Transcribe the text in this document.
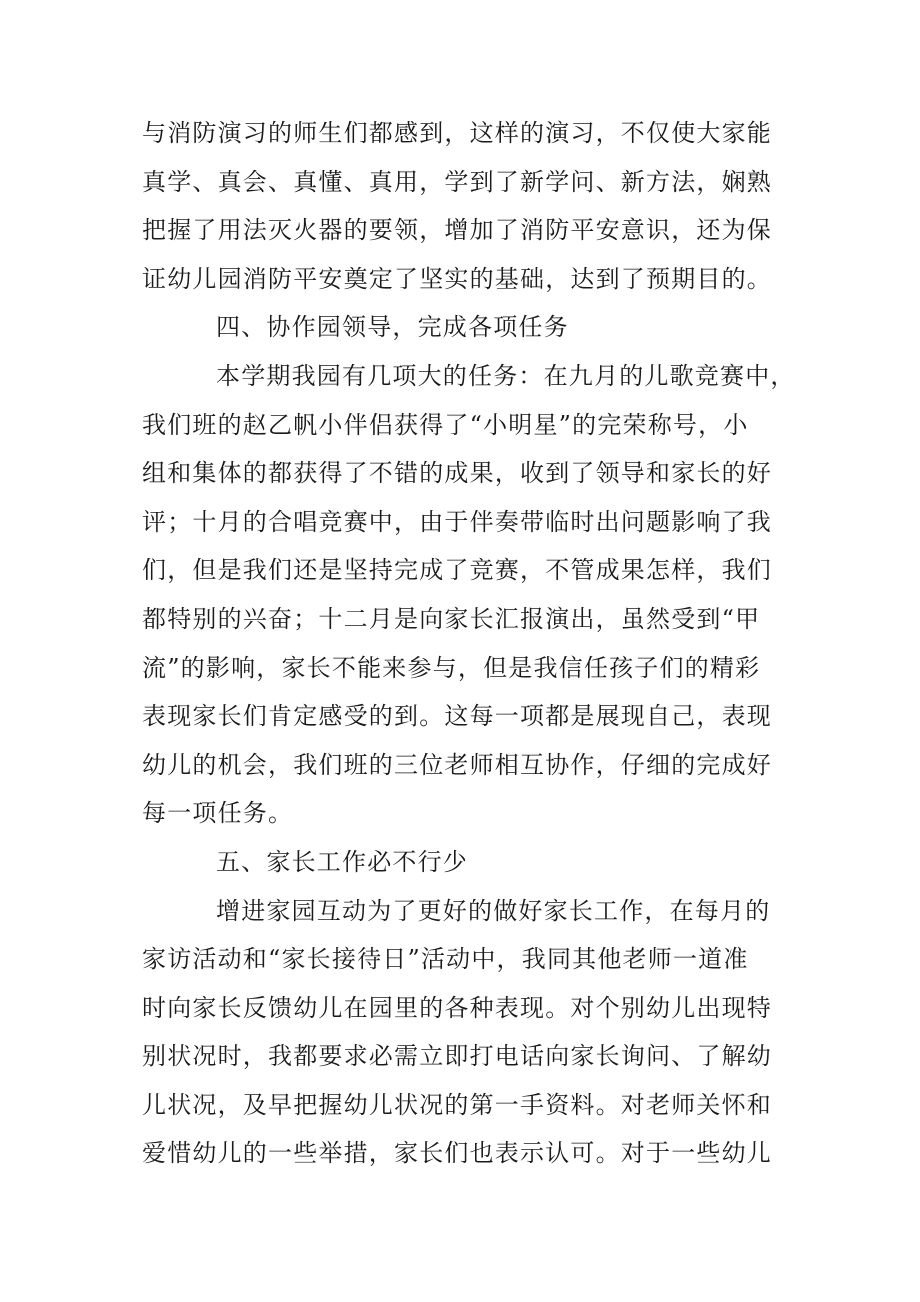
与消防演习的师生们都感到，这样的演习，不仅使大家能
真学、真会、真懂、真用，学到了新学问、新方法，娴熟
把握了用法灭火器的要领，增加了消防平安意识，还为保
证幼儿园消防平安奠定了坚实的基础，达到了预期目的。
四、协作园领导，完成各项任务
本学期我园有几项大的任务：在九月的儿歌竞赛中，
我们班的赵乙帆小伴侣获得了“小明星”的完荣称号，小
组和集体的都获得了不错的成果，收到了领导和家长的好
评；十月的合唱竞赛中，由于伴奏带临时出问题影响了我
们，但是我们还是坚持完成了竞赛，不管成果怎样，我们
都特别的兴奋；十二月是向家长汇报演出，虽然受到“甲
流”的影响，家长不能来参与，但是我信任孩子们的精彩
表现家长们肯定感受的到。这每一项都是展现自己，表现
幼儿的机会，我们班的三位老师相互协作，仔细的完成好
每一项任务。
五、家长工作必不行少
增进家园互动为了更好的做好家长工作，在每月的
家访活动和“家长接待日”活动中，我同其他老师一道准
时向家长反馈幼儿在园里的各种表现。对个别幼儿出现特
别状况时，我都要求必需立即打电话向家长询问、了解幼
儿状况，及早把握幼儿状况的第一手资料。对老师关怀和
爱惜幼儿的一些举措，家长们也表示认可。对于一些幼儿
